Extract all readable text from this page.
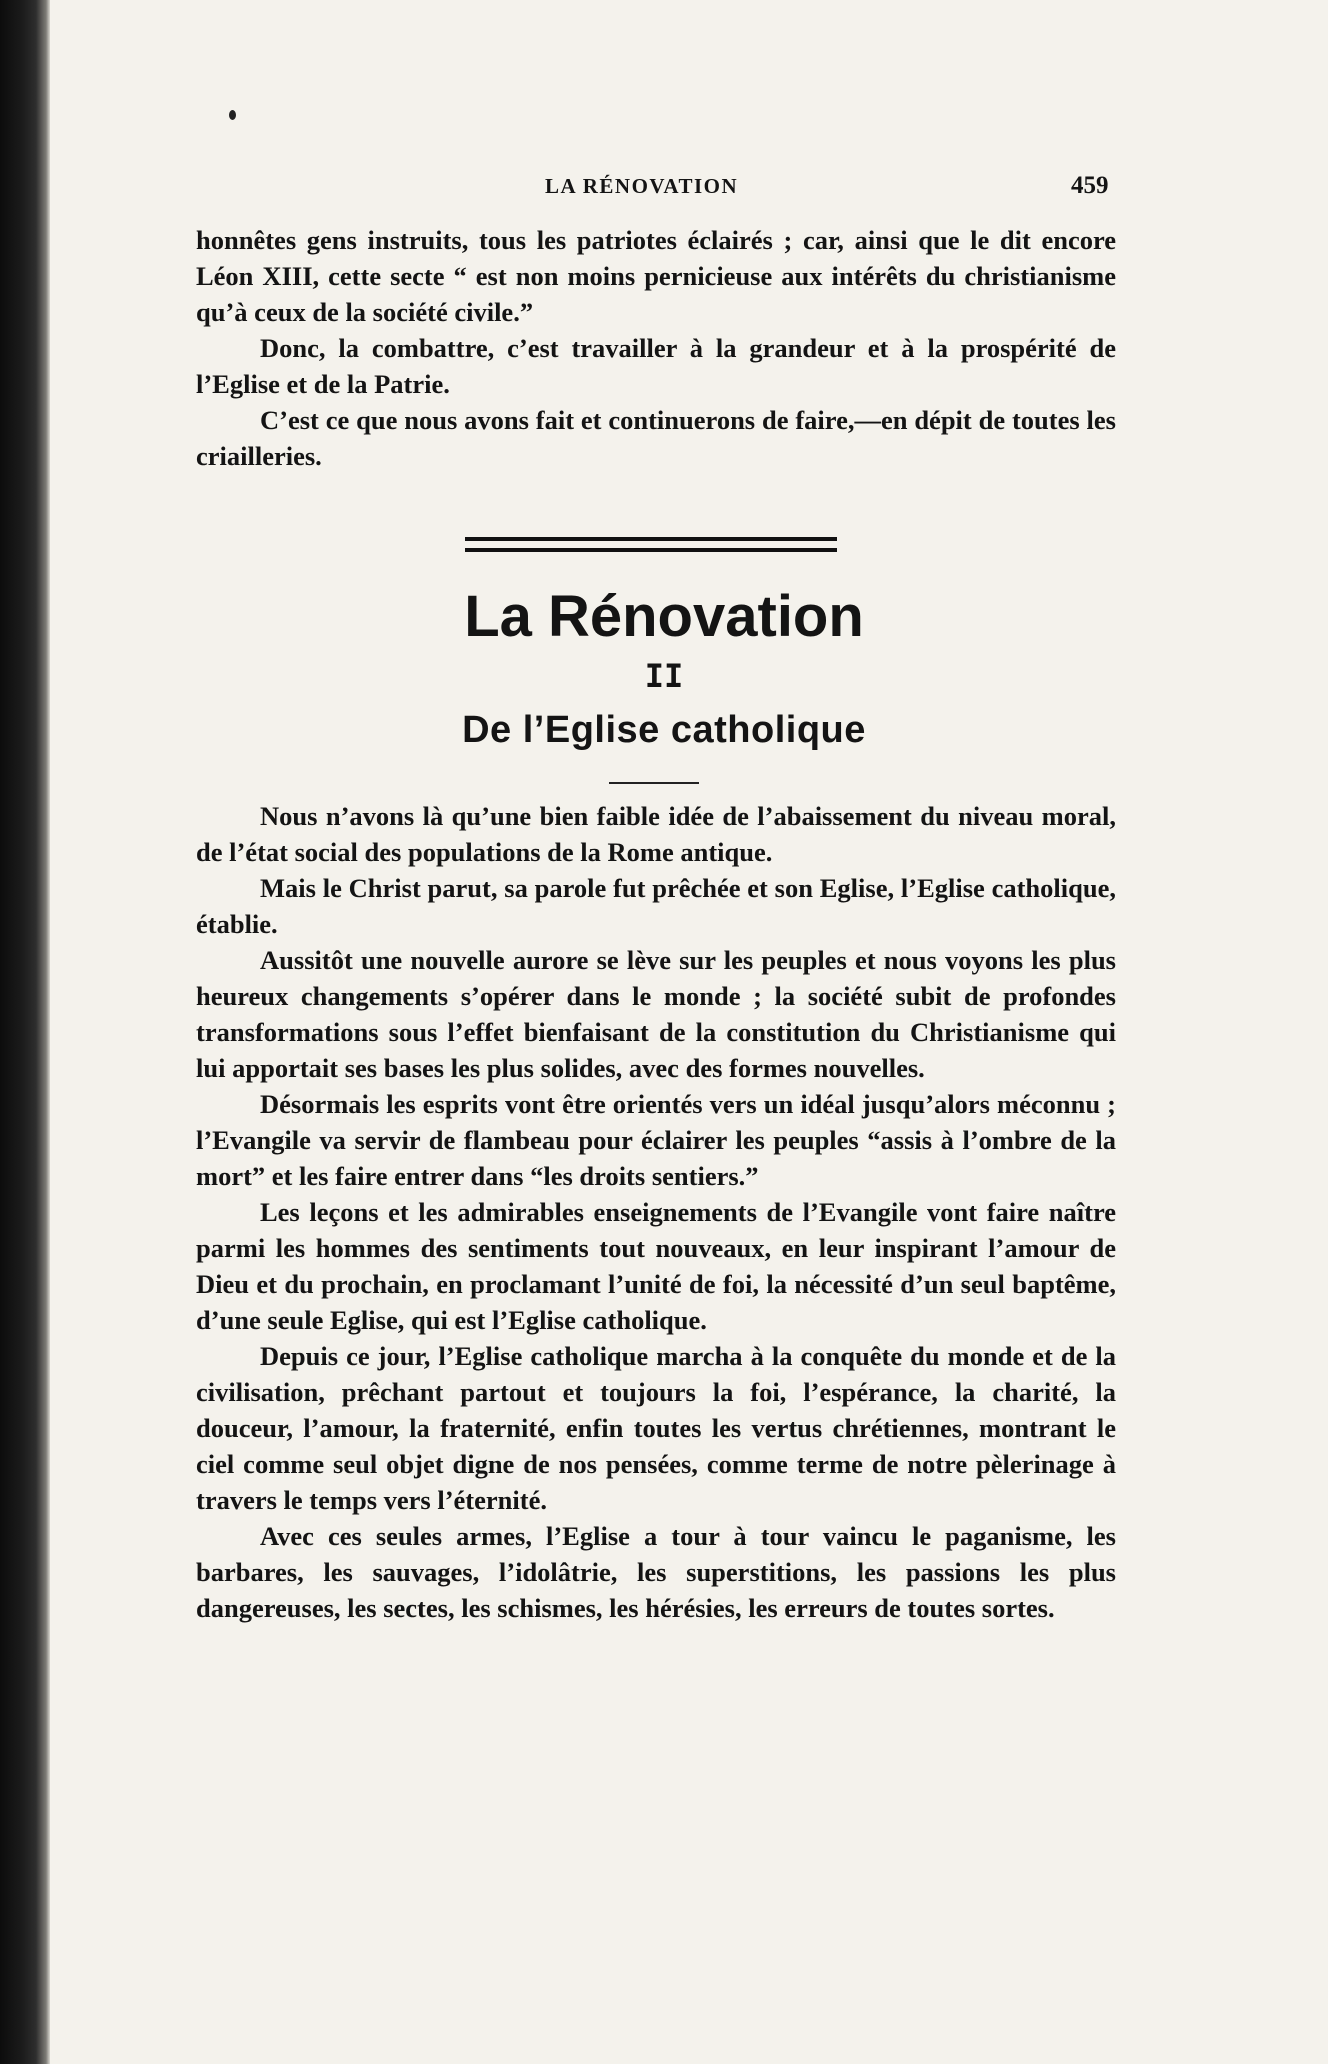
LA RÉNOVATION	459

honnêtes gens instruits, tous les patriotes éclairés ; car, ainsi que le dit encore Léon XIII, cette secte “ est non moins pernicieuse aux intérêts du christianisme qu’à ceux de la société civile.”

Donc, la combattre, c’est travailler à la grandeur et à la prospérité de l’Eglise et de la Patrie.

C’est ce que nous avons fait et continuerons de faire,—en dépit de toutes les criailleries.

La Rénovation
II
De l’Eglise catholique

Nous n’avons là qu’une bien faible idée de l’abaissement du niveau moral, de l’état social des populations de la Rome antique.

Mais le Christ parut, sa parole fut prêchée et son Eglise, l’Eglise catholique, établie.

Aussitôt une nouvelle aurore se lève sur les peuples et nous voyons les plus heureux changements s’opérer dans le monde ; la société subit de profondes transformations sous l’effet bienfaisant de la constitution du Christianisme qui lui apportait ses bases les plus solides, avec des formes nouvelles.

Désormais les esprits vont être orientés vers un idéal jusqu’alors méconnu ; l’Evangile va servir de flambeau pour éclairer les peuples “assis à l’ombre de la mort” et les faire entrer dans “les droits sentiers.”

Les leçons et les admirables enseignements de l’Evangile vont faire naître parmi les hommes des sentiments tout nouveaux, en leur inspirant l’amour de Dieu et du prochain, en proclamant l’unité de foi, la nécessité d’un seul baptême, d’une seule Eglise, qui est l’Eglise catholique.

Depuis ce jour, l’Eglise catholique marcha à la conquête du monde et de la civilisation, prêchant partout et toujours la foi, l’espérance, la charité, la douceur, l’amour, la fraternité, enfin toutes les vertus chrétiennes, montrant le ciel comme seul objet digne de nos pensées, comme terme de notre pèlerinage à travers le temps vers l’éternité.

Avec ces seules armes, l’Eglise a tour à tour vaincu le paganisme, les barbares, les sauvages, l’idolâtrie, les superstitions, les passions les plus dangereuses, les sectes, les schismes, les hérésies, les erreurs de toutes sortes.
